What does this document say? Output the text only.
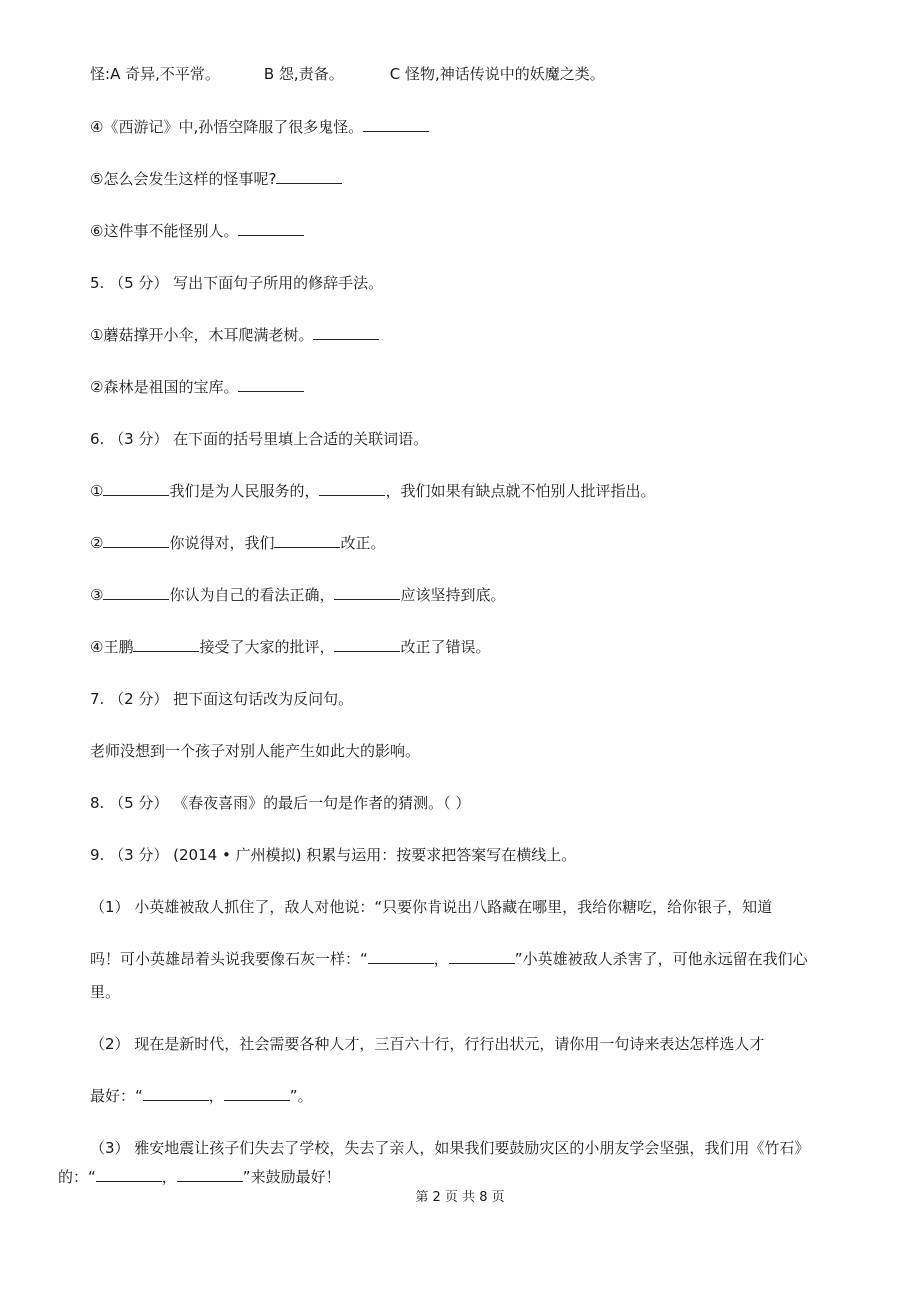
怪:A 奇异,不平常。	B 怨,责备。	C 怪物,神话传说中的妖魔之类。
④《西游记》中,孙悟空降服了很多鬼怪。
⑤怎么会发生这样的怪事呢?
⑥这件事不能怪别人。
5. （5 分） 写出下面句子所用的修辞手法。
①蘑菇撑开小伞，木耳爬满老树。
②森林是祖国的宝库。
6. （3 分） 在下面的括号里填上合适的关联词语。
①	我们是为人民服务的，	，我们如果有缺点就不怕别人批评指出。
②	你说得对，我们	改正。
③	你认为自己的看法正确，	应该坚持到底。
④王鹏	接受了大家的批评，	改正了错误。
7. （2 分） 把下面这句话改为反问句。
老师没想到一个孩子对别人能产生如此大的影响。
8. （5 分） 《春夜喜雨》的最后一句是作者的猜测。（ ）
9. （3 分） (2014 • 广州模拟) 积累与运用：按要求把答案写在横线上。
（1） 小英雄被敌人抓住了，敌人对他说：“只要你肯说出八路藏在哪里，我给你糖吃，给你银子，知道
吗！可小英雄昂着头说我要像石灰一样：“	，	”小英雄被敌人杀害了，可他永远留在我们心
里。
（2） 现在是新时代，社会需要各种人才，三百六十行，行行出状元，请你用一句诗来表达怎样选人才
最好：“	，	”。
（3） 雅安地震让孩子们失去了学校，失去了亲人，如果我们要鼓励灾区的小朋友学会坚强，我们用《竹石》
的：“	，	”来鼓励最好！
第 2 页 共 8 页
